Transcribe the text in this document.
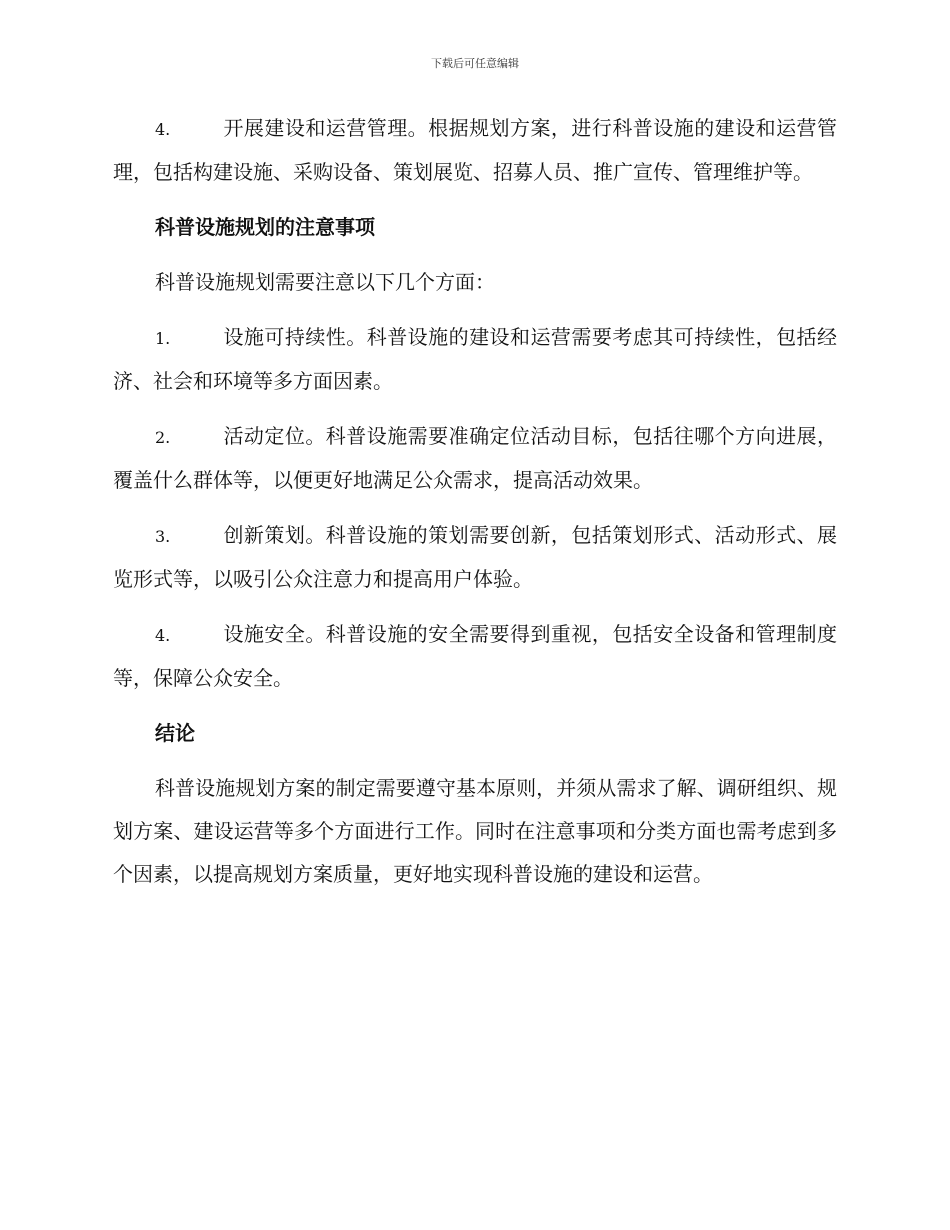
下载后可任意编辑

4.	开展建设和运营管理。根据规划方案，进行科普设施的建设和运营管理，包括构建设施、采购设备、策划展览、招募人员、推广宣传、管理维护等。

科普设施规划的注意事项

科普设施规划需要注意以下几个方面：

1.	设施可持续性。科普设施的建设和运营需要考虑其可持续性，包括经济、社会和环境等多方面因素。

2.	活动定位。科普设施需要准确定位活动目标，包括往哪个方向进展，覆盖什么群体等，以便更好地满足公众需求，提高活动效果。

3.	创新策划。科普设施的策划需要创新，包括策划形式、活动形式、展览形式等，以吸引公众注意力和提高用户体验。

4.	设施安全。科普设施的安全需要得到重视，包括安全设备和管理制度等，保障公众安全。

结论

科普设施规划方案的制定需要遵守基本原则，并须从需求了解、调研组织、规划方案、建设运营等多个方面进行工作。同时在注意事项和分类方面也需考虑到多个因素，以提高规划方案质量，更好地实现科普设施的建设和运营。
